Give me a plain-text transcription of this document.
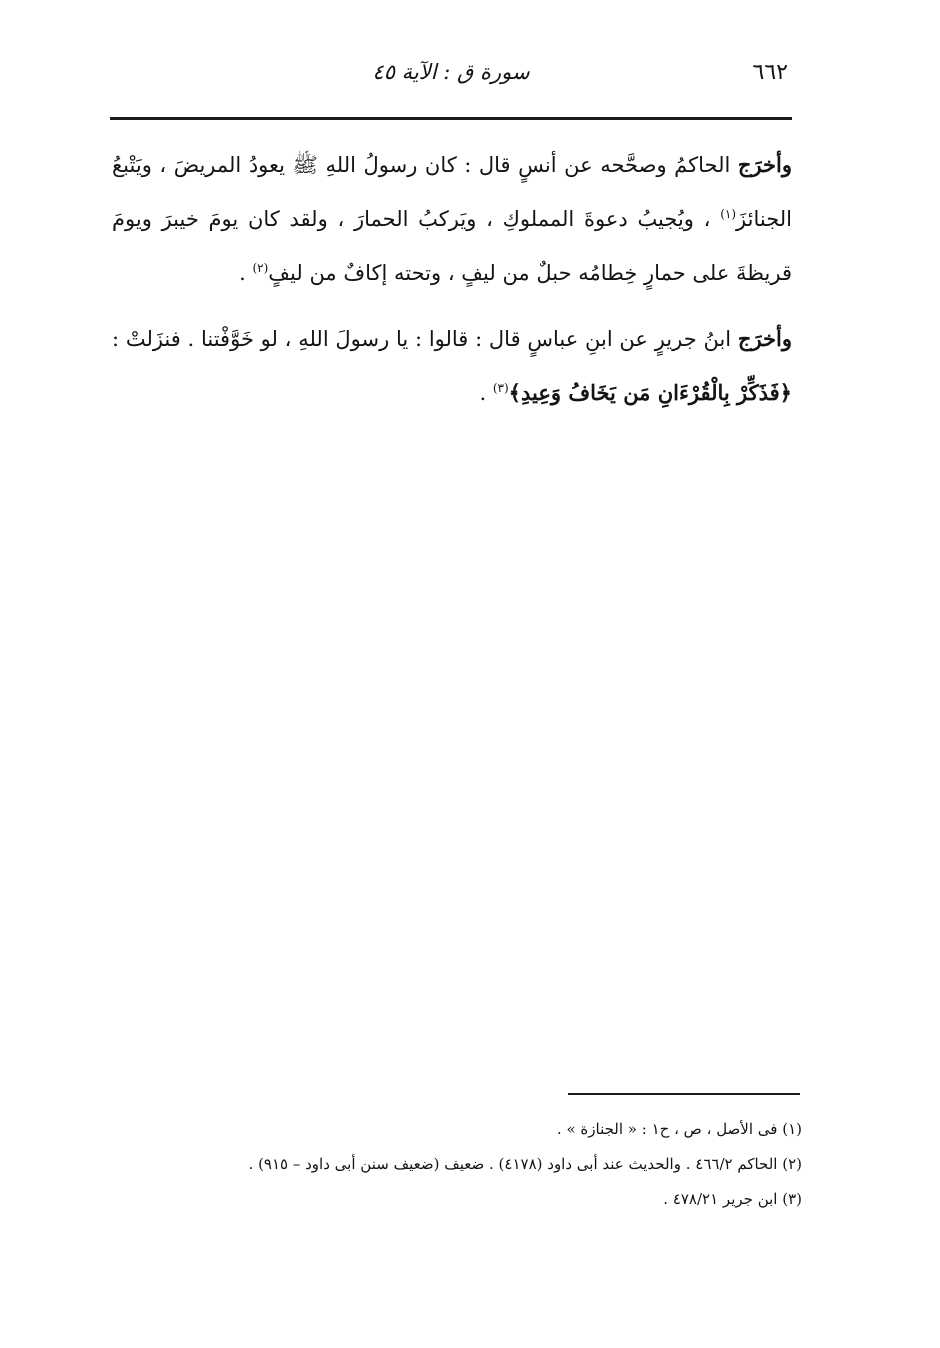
٦٦٢
سورة ق : الآية ٤٥

وأخرَج الحاكمُ وصحَّحه عن أنسٍ قال : كان رسولُ اللهِ ﷺ يعودُ المريضَ ، ويَتْبعُ الجنائزَ$^{(١)}$ ، ويُجيبُ دعوةَ المملوكِ ، ويَركبُ الحمارَ ، ولقد كان يومَ خيبرَ ويومَ قريظةَ على حمارٍ خِطامُه حبلٌ من ليفٍ ، وتحته إكافٌ من ليفٍ$^{(٢)}$ .

وأخرَج ابنُ جريرٍ عن ابنِ عباسٍ قال : قالوا : يا رسولَ اللهِ ، لو خَوَّفْتنا . فنزَلتْ : ﴿فَذَكِّرْ بِالْقُرْءَانِ مَن يَخَافُ وَعِيدِ﴾$^{(٣)}$ .

(١) فى الأصل ، ص ، ح١ : « الجنازة » .
(٢) الحاكم ٤٦٦/٢ . والحديث عند أبى داود (٤١٧٨) . ضعيف (ضعيف سنن أبى داود – ٩١٥) .
(٣) ابن جرير ٤٧٨/٢١ .
